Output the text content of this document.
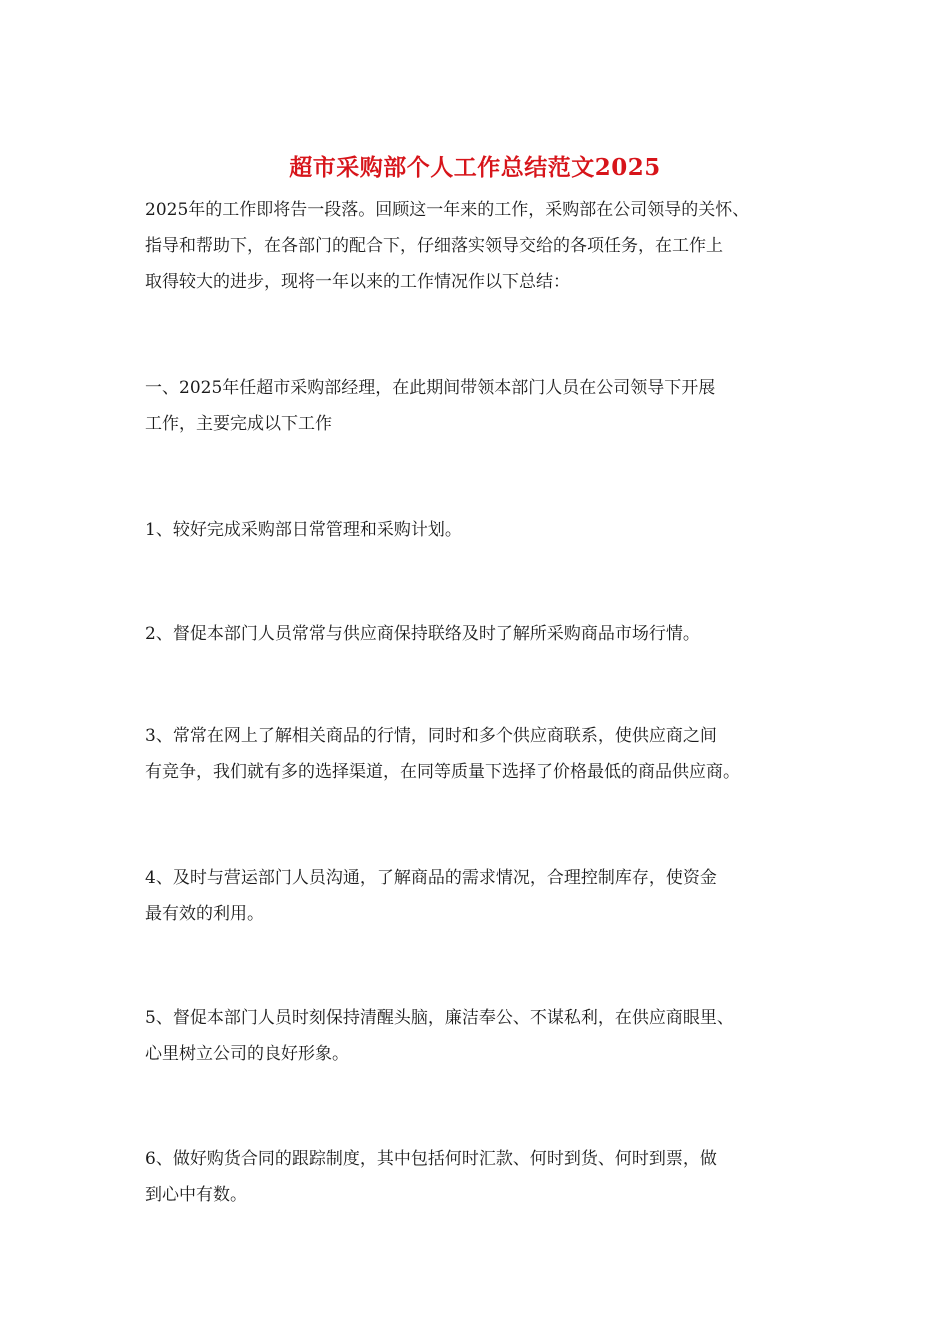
超市采购部个人工作总结范文2025
2025年的工作即将告一段落。回顾这一年来的工作，采购部在公司领导的关怀、
指导和帮助下，在各部门的配合下，仔细落实领导交给的各项任务，在工作上
取得较大的进步，现将一年以来的工作情况作以下总结：
一、2025年任超市采购部经理，在此期间带领本部门人员在公司领导下开展
工作，主要完成以下工作
1、较好完成采购部日常管理和采购计划。
2、督促本部门人员常常与供应商保持联络及时了解所采购商品市场行情。
3、常常在网上了解相关商品的行情，同时和多个供应商联系，使供应商之间
有竞争，我们就有多的选择渠道，在同等质量下选择了价格最低的商品供应商。
4、及时与营运部门人员沟通，了解商品的需求情况，合理控制库存，使资金
最有效的利用。
5、督促本部门人员时刻保持清醒头脑，廉洁奉公、不谋私利，在供应商眼里、
心里树立公司的良好形象。
6、做好购货合同的跟踪制度，其中包括何时汇款、何时到货、何时到票，做
到心中有数。
